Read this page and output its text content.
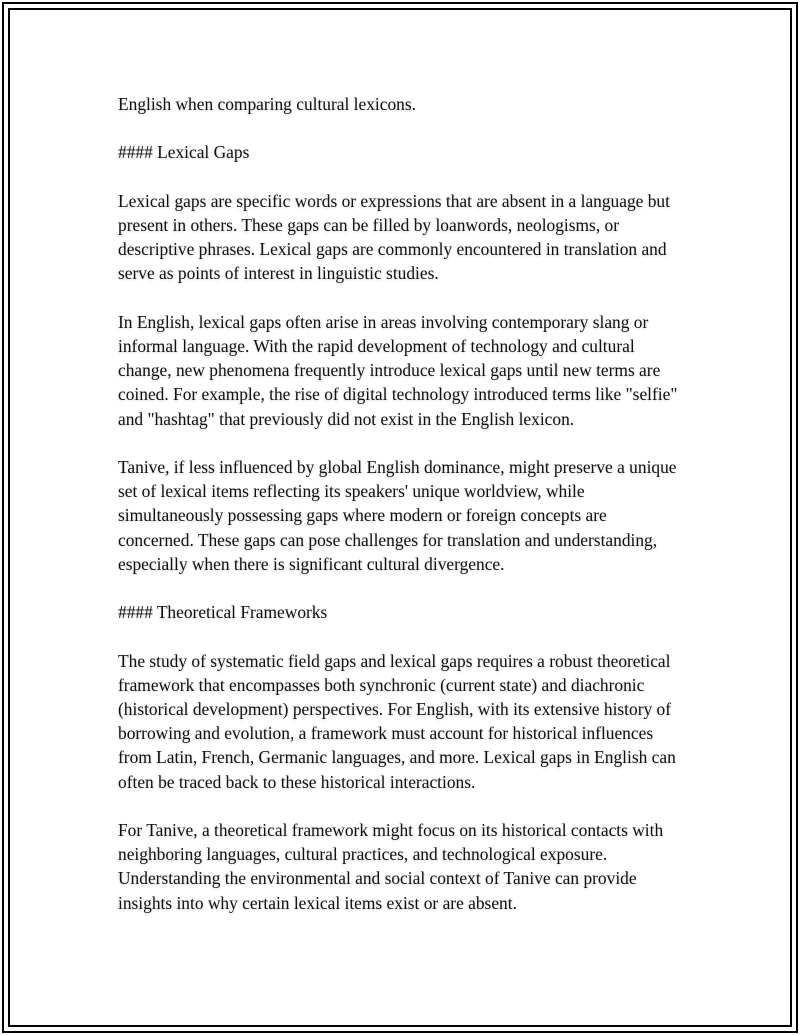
English when comparing cultural lexicons.

#### Lexical Gaps

Lexical gaps are specific words or expressions that are absent in a language but present in others. These gaps can be filled by loanwords, neologisms, or descriptive phrases. Lexical gaps are commonly encountered in translation and serve as points of interest in linguistic studies.

In English, lexical gaps often arise in areas involving contemporary slang or informal language. With the rapid development of technology and cultural change, new phenomena frequently introduce lexical gaps until new terms are coined. For example, the rise of digital technology introduced terms like "selfie" and "hashtag" that previously did not exist in the English lexicon.

Tanive, if less influenced by global English dominance, might preserve a unique set of lexical items reflecting its speakers' unique worldview, while simultaneously possessing gaps where modern or foreign concepts are concerned. These gaps can pose challenges for translation and understanding, especially when there is significant cultural divergence.

#### Theoretical Frameworks

The study of systematic field gaps and lexical gaps requires a robust theoretical framework that encompasses both synchronic (current state) and diachronic (historical development) perspectives. For English, with its extensive history of borrowing and evolution, a framework must account for historical influences from Latin, French, Germanic languages, and more. Lexical gaps in English can often be traced back to these historical interactions.

For Tanive, a theoretical framework might focus on its historical contacts with neighboring languages, cultural practices, and technological exposure. Understanding the environmental and social context of Tanive can provide insights into why certain lexical items exist or are absent.
